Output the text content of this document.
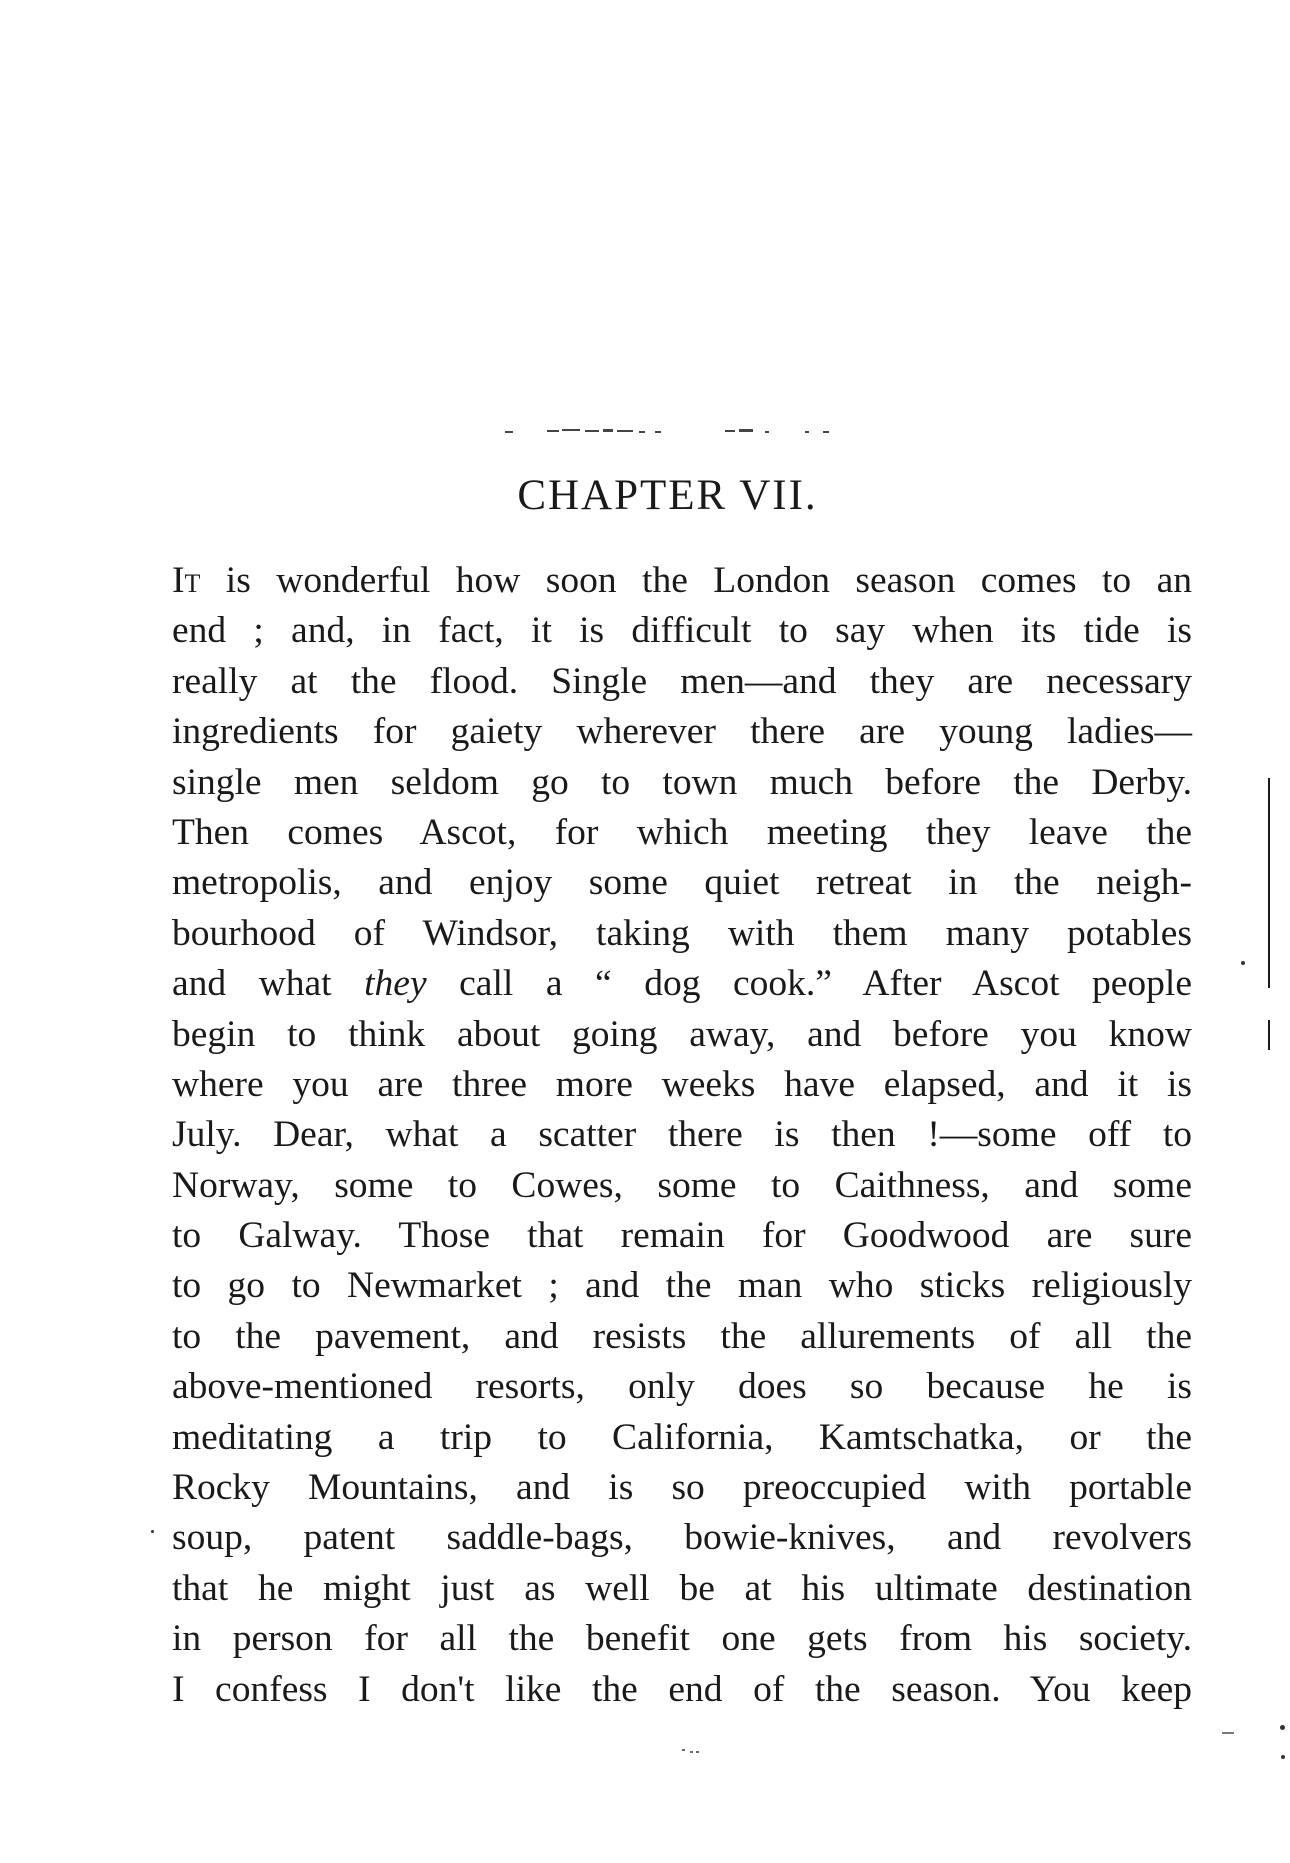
CHAPTER VII.
It is wonderful how soon the London season comes to an
end ; and, in fact, it is difficult to say when its tide is
really at the flood. Single men—and they are necessary
ingredients for gaiety wherever there are young ladies—
single men seldom go to town much before the Derby.
Then comes Ascot, for which meeting they leave the
metropolis, and enjoy some quiet retreat in the neigh-
bourhood of Windsor, taking with them many potables
and what they call a “ dog cook.” After Ascot people
begin to think about going away, and before you know
where you are three more weeks have elapsed, and it is
July. Dear, what a scatter there is then !—some off to
Norway, some to Cowes, some to Caithness, and some
to Galway. Those that remain for Goodwood are sure
to go to Newmarket ; and the man who sticks religiously
to the pavement, and resists the allurements of all the
above-mentioned resorts, only does so because he is
meditating a trip to California, Kamtschatka, or the
Rocky Mountains, and is so preoccupied with portable
soup, patent saddle-bags, bowie-knives, and revolvers
that he might just as well be at his ultimate destination
in person for all the benefit one gets from his society.
I confess I don't like the end of the season. You keep
